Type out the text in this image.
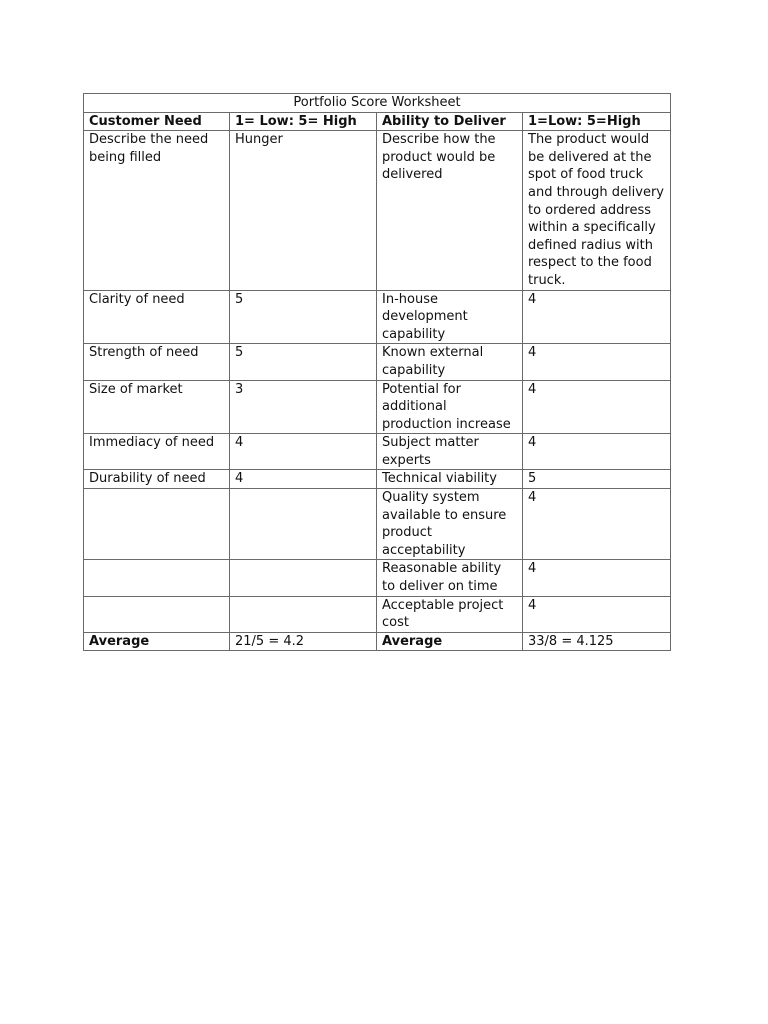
Portfolio Score Worksheet			
Customer Need	1= Low: 5= High	Ability to Deliver	1=Low: 5=High
Describe the need being filled	Hunger	Describe how the product would be delivered	The product would be delivered at the spot of food truck and through delivery to ordered address within a specifically defined radius with respect to the food truck.
Clarity of need	5	In-house development capability	4
Strength of need	5	Known external capability	4
Size of market	3	Potential for additional production increase	4
Immediacy of need	4	Subject matter experts	4
Durability of need	4	Technical viability	5
		Quality system available to ensure product acceptability	4
		Reasonable ability to deliver on time	4
		Acceptable project cost	4
Average	21/5 = 4.2	Average	33/8 = 4.125
